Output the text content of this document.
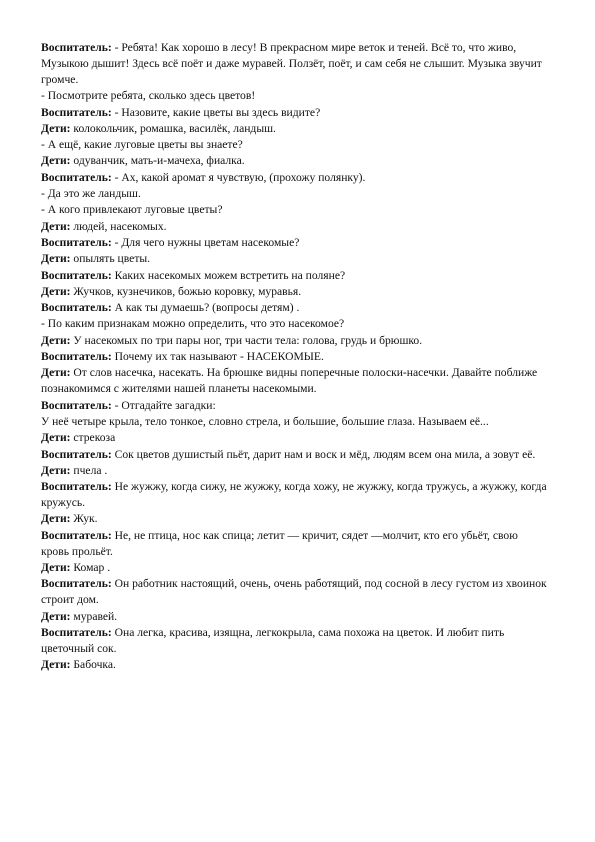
Воспитатель: - Ребята! Как хорошо в лесу! В прекрасном мире веток и теней. Всё то, что живо, Музыкою дышит! Здесь всё поёт и даже муравей. Ползёт, поёт, и сам себя не слышит. Музыка звучит громче.

- Посмотрите ребята, сколько здесь цветов!

Воспитатель: - Назовите, какие цветы вы здесь видите?

Дети: колокольчик, ромашка, василёк, ландыш.

- А ещё, какие луговые цветы вы знаете?

Дети: одуванчик, мать-и-мачеха, фиалка.

Воспитатель: - Ах, какой аромат я чувствую, (прохожу полянку).

- Да это же ландыш.

- А кого привлекают луговые цветы?

Дети: людей, насекомых.

Воспитатель: - Для чего нужны цветам насекомые?

Дети: опылять цветы.

Воспитатель: Каких насекомых можем встретить на поляне?

Дети: Жучков, кузнечиков, божью коровку, муравья.

Воспитатель: А как ты думаешь? (вопросы детям) .

- По каким признакам можно определить, что это насекомое?

Дети: У насекомых по три пары ног, три части тела: голова, грудь и брюшко.

Воспитатель: Почему их так называют - НАСЕКОМЫЕ.

Дети: От слов насечка, насекать. На брюшке видны поперечные полоски-насечки. Давайте поближе познакомимся с жителями нашей планеты насекомыми.

Воспитатель: - Отгадайте загадки:

У неё четыре крыла, тело тонкое, словно стрела, и большие, большие глаза. Называем её...

Дети: стрекоза

Воспитатель: Сок цветов душистый пьёт, дарит нам и воск и мёд, людям всем она мила, а зовут её.

Дети: пчела .

Воспитатель: Не жужжу, когда сижу, не жужжу, когда хожу, не жужжу, когда тружусь, а жужжу, когда кружусь.

Дети: Жук.

Воспитатель: Не, не птица, нос как спица; летит — кричит, сядет —молчит, кто его убьёт, свою кровь прольёт.

Дети: Комар .

Воспитатель: Он работник настоящий, очень, очень работящий, под сосной в лесу густом из хвоинок строит дом.

Дети: муравей.

Воспитатель: Она легка, красива, изящна, легкокрыла, сама похожа на цветок. И любит пить цветочный сок.

Дети: Бабочка.
